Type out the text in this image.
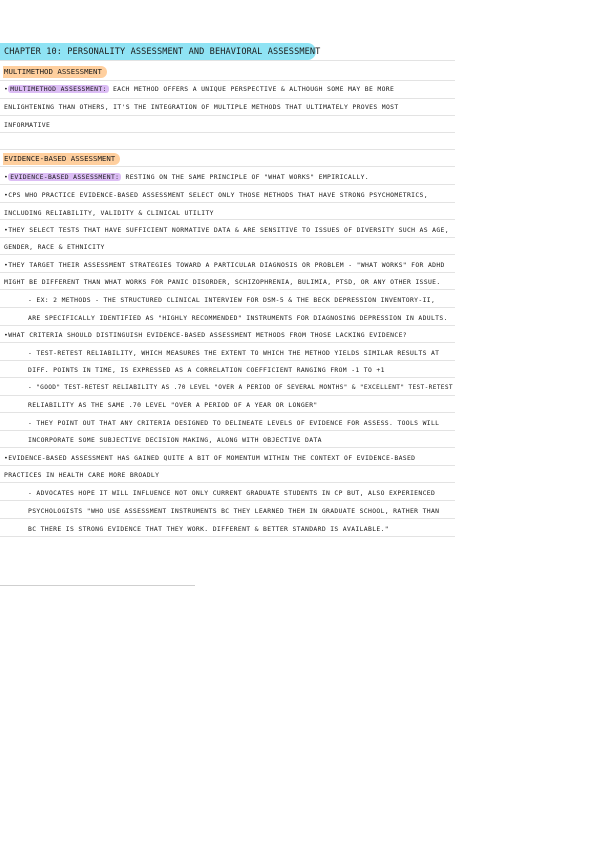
CHAPTER 10: PERSONALITY ASSESSMENT AND BEHAVIORAL ASSESSMENT

MULTIMETHOD ASSESSMENT

• MULTIMETHOD ASSESSMENT: EACH METHOD OFFERS A UNIQUE PERSPECTIVE & ALTHOUGH SOME MAY BE MORE

ENLIGHTENING THAN OTHERS, IT'S THE INTEGRATION OF MULTIPLE METHODS THAT ULTIMATELY PROVES MOST

INFORMATIVE

EVIDENCE-BASED ASSESSMENT

• EVIDENCE-BASED ASSESSMENT: RESTING ON THE SAME PRINCIPLE OF "WHAT WORKS" EMPIRICALLY.

•CPS WHO PRACTICE EVIDENCE-BASED ASSESSMENT SELECT ONLY THOSE METHODS THAT HAVE STRONG PSYCHOMETRICS,

INCLUDING RELIABILITY, VALIDITY & CLINICAL UTILITY

•THEY SELECT TESTS THAT HAVE SUFFICIENT NORMATIVE DATA & ARE SENSITIVE TO ISSUES OF DIVERSITY SUCH AS AGE,

GENDER, RACE & ETHNICITY

•THEY TARGET THEIR ASSESSMENT STRATEGIES TOWARD A PARTICULAR DIAGNOSIS OR PROBLEM - "WHAT WORKS" FOR ADHD

MIGHT BE DIFFERENT THAN WHAT WORKS FOR PANIC DISORDER, SCHIZOPHRENIA, BULIMIA, PTSD, OR ANY OTHER ISSUE.

- EX: 2 METHODS - THE STRUCTURED CLINICAL INTERVIEW FOR DSM-5 & THE BECK DEPRESSION INVENTORY-II,

ARE SPECIFICALLY IDENTIFIED AS "HIGHLY RECOMMENDED" INSTRUMENTS FOR DIAGNOSING DEPRESSION IN ADULTS.

•WHAT CRITERIA SHOULD DISTINGUISH EVIDENCE-BASED ASSESSMENT METHODS FROM THOSE LACKING EVIDENCE?

- TEST-RETEST RELIABILITY, WHICH MEASURES THE EXTENT TO WHICH THE METHOD YIELDS SIMILAR RESULTS AT

DIFF. POINTS IN TIME, IS EXPRESSED AS A CORRELATION COEFFICIENT RANGING FROM -1 TO +1

- "GOOD" TEST-RETEST RELIABILITY AS .70 LEVEL "OVER A PERIOD OF SEVERAL MONTHS" & "EXCELLENT" TEST-RETEST

RELIABILITY AS THE SAME .70 LEVEL "OVER A PERIOD OF A YEAR OR LONGER"

- THEY POINT OUT THAT ANY CRITERIA DESIGNED TO DELINEATE LEVELS OF EVIDENCE FOR ASSESS. TOOLS WILL

INCORPORATE SOME SUBJECTIVE DECISION MAKING, ALONG WITH OBJECTIVE DATA

•EVIDENCE-BASED ASSESSMENT HAS GAINED QUITE A BIT OF MOMENTUM WITHIN THE CONTEXT OF EVIDENCE-BASED

PRACTICES IN HEALTH CARE MORE BROADLY

- ADVOCATES HOPE IT WILL INFLUENCE NOT ONLY CURRENT GRADUATE STUDENTS IN CP BUT, ALSO EXPERIENCED

PSYCHOLOGISTS "WHO USE ASSESSMENT INSTRUMENTS BC THEY LEARNED THEM IN GRADUATE SCHOOL, RATHER THAN

BC THERE IS STRONG EVIDENCE THAT THEY WORK. DIFFERENT & BETTER STANDARD IS AVAILABLE."
